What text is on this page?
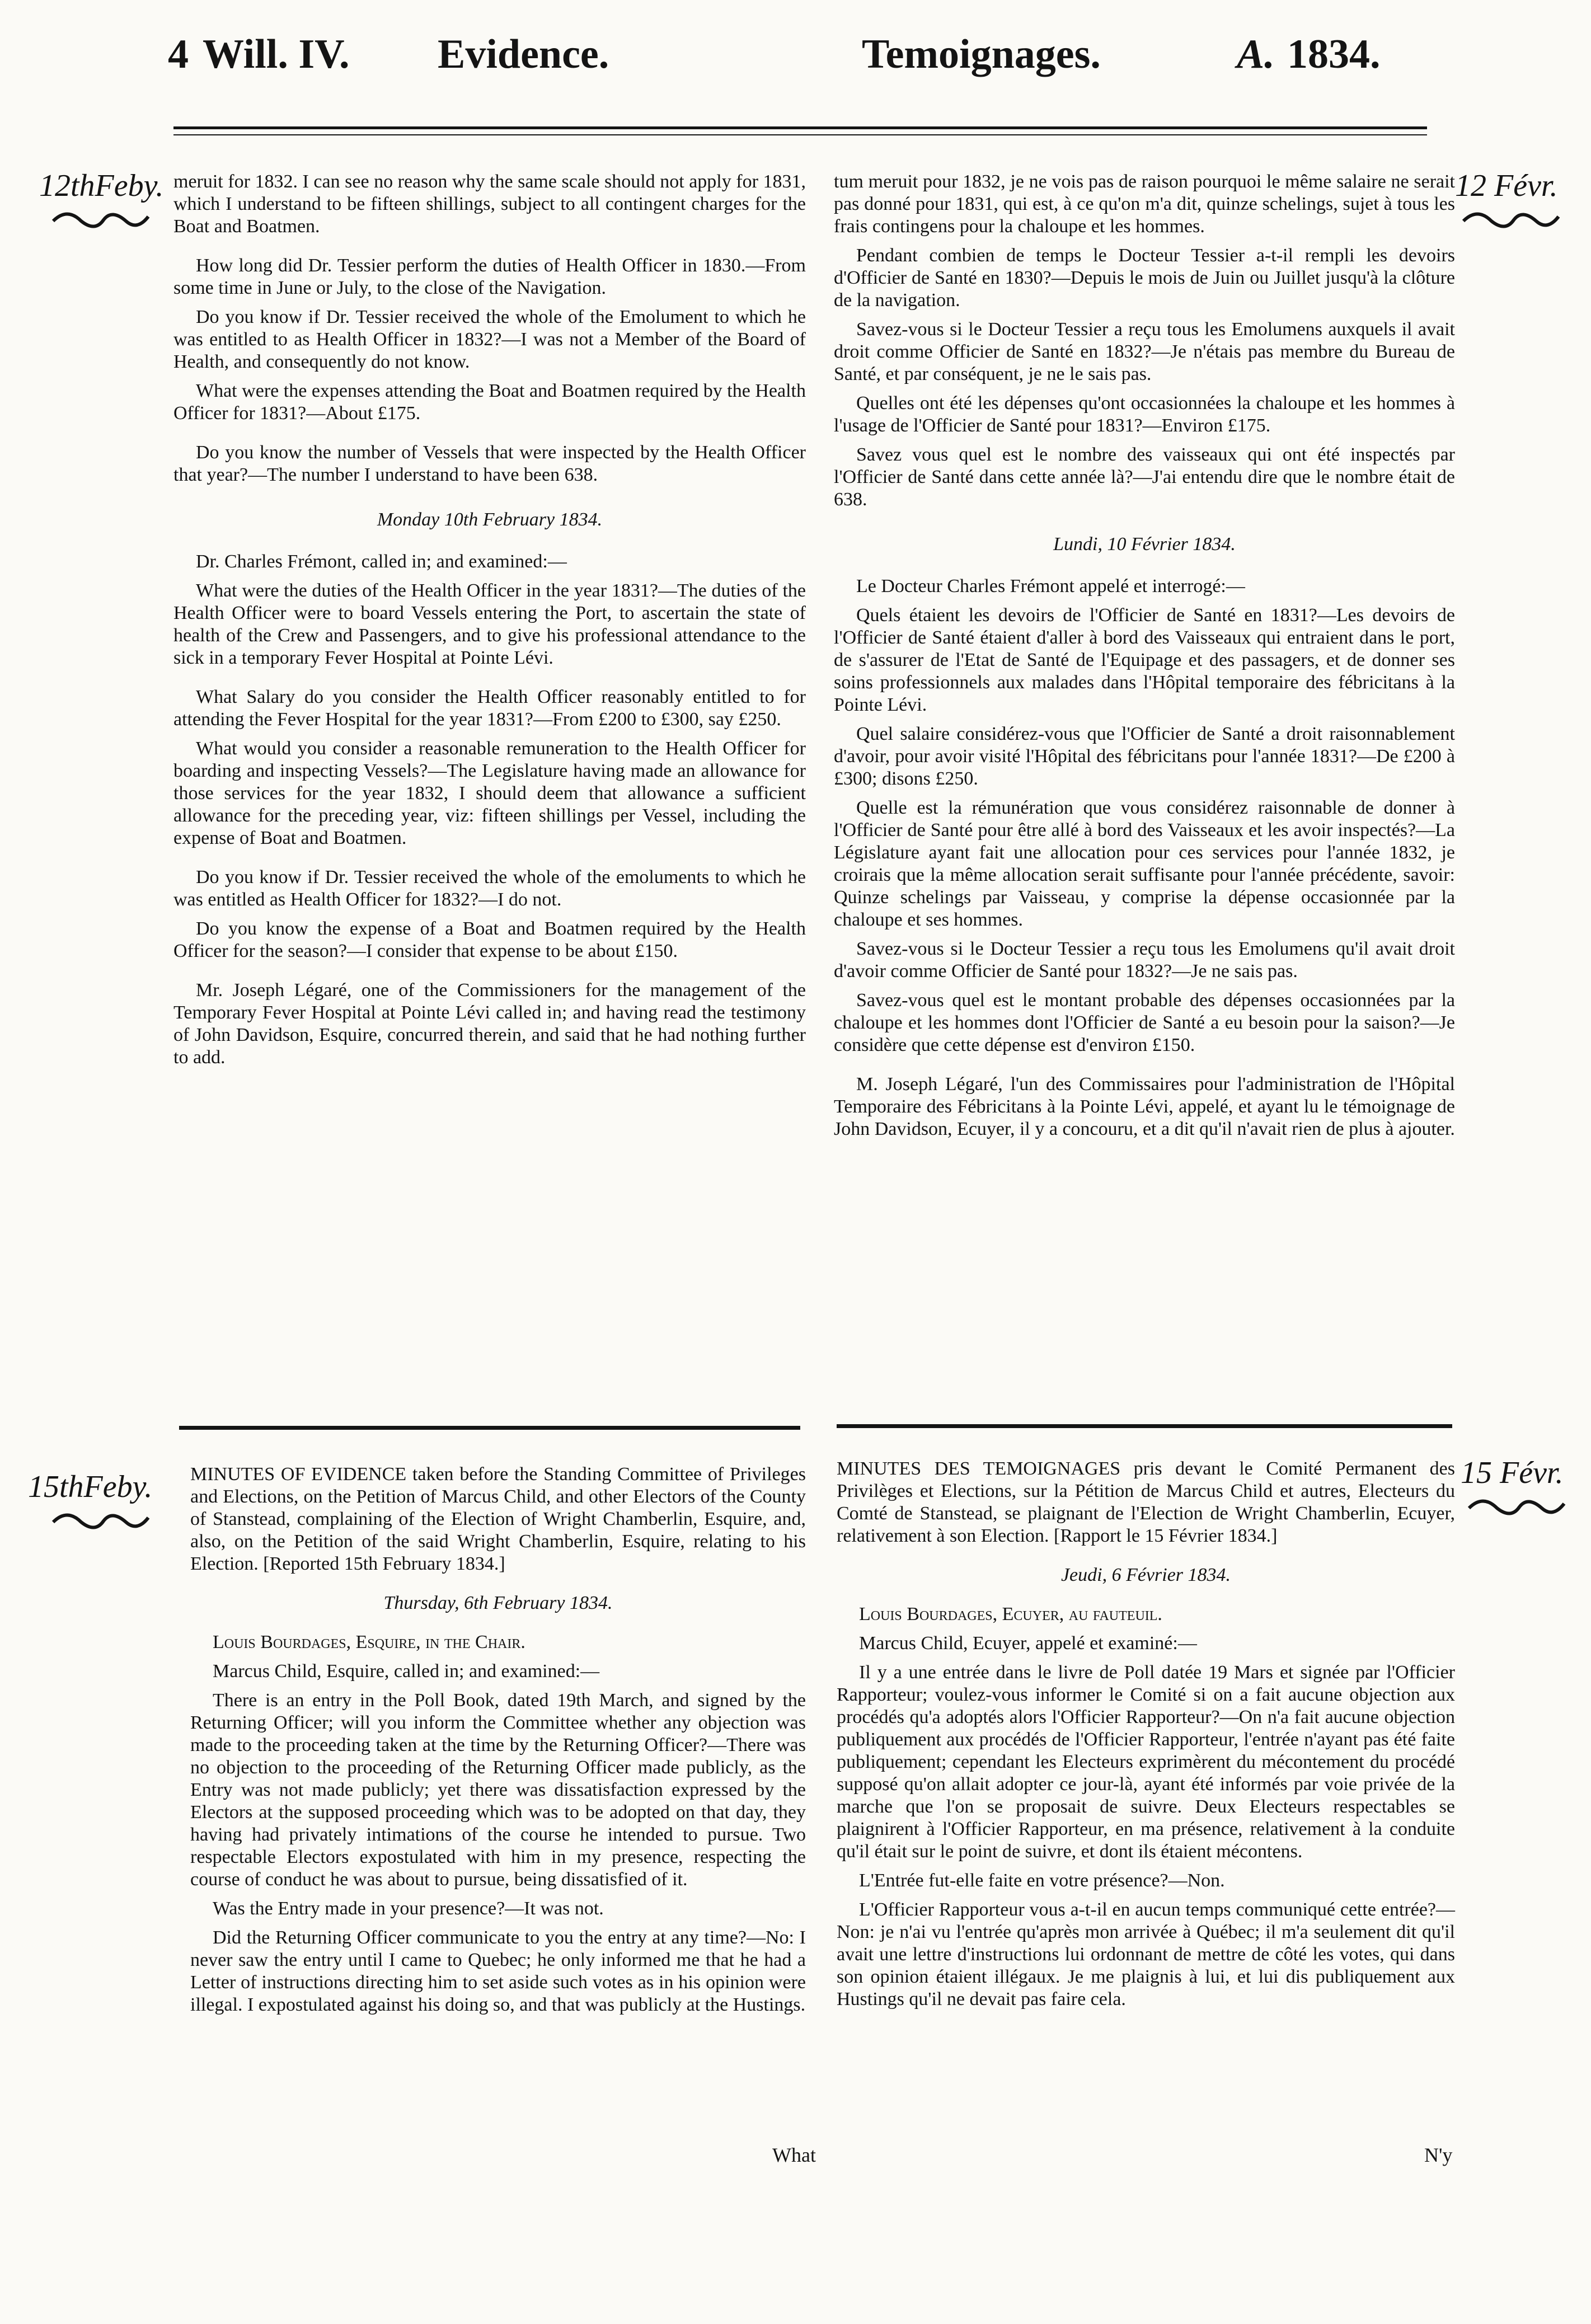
4 Will. IV. Evidence.	Temoignages.	A. 1834.
12thFeby.	12 Févr.
15thFeby.	15 Févr.

meruit for 1832. I can see no reason why the same scale should not apply for 1831, which I understand to be fifteen shillings, subject to all contingent charges for the Boat and Boatmen.

How long did Dr. Tessier perform the duties of Health Officer in 1830.—From some time in June or July, to the close of the Navigation.

Do you know if Dr. Tessier received the whole of the Emolument to which he was entitled to as Health Officer in 1832?—I was not a Member of the Board of Health, and consequently do not know.

What were the expenses attending the Boat and Boatmen required by the Health Officer for 1831?—About £175.

Do you know the number of Vessels that were inspected by the Health Officer that year?—The number I understand to have been 638.

Monday 10th February 1834.

Dr. Charles Frémont, called in; and examined:—

What were the duties of the Health Officer in the year 1831?—The duties of the Health Officer were to board Vessels entering the Port, to ascertain the state of health of the Crew and Passengers, and to give his professional attendance to the sick in a temporary Fever Hospital at Pointe Lévi.

What Salary do you consider the Health Officer reasonably entitled to for attending the Fever Hospital for the year 1831?—From £200 to £300, say £250.

What would you consider a reasonable remuneration to the Health Officer for boarding and inspecting Vessels?—The Legislature having made an allowance for those services for the year 1832, I should deem that allowance a sufficient allowance for the preceding year, viz: fifteen shillings per Vessel, including the expense of Boat and Boatmen.

Do you know if Dr. Tessier received the whole of the emoluments to which he was entitled as Health Officer for 1832?—I do not.

Do you know the expense of a Boat and Boatmen required by the Health Officer for the season?—I consider that expense to be about £150.

Mr. Joseph Légaré, one of the Commissioners for the management of the Temporary Fever Hospital at Pointe Lévi called in; and having read the testimony of John Davidson, Esquire, concurred therein, and said that he had nothing further to add.

tum meruit pour 1832, je ne vois pas de raison pourquoi le même salaire ne serait pas donné pour 1831, qui est, à ce qu'on m'a dit, quinze schelings, sujet à tous les frais contingens pour la chaloupe et les hommes.

Pendant combien de temps le Docteur Tessier a-t-il rempli les devoirs d'Officier de Santé en 1830?—Depuis le mois de Juin ou Juillet jusqu'à la clôture de la navigation.

Savez-vous si le Docteur Tessier a reçu tous les Emolumens auxquels il avait droit comme Officier de Santé en 1832?—Je n'étais pas membre du Bureau de Santé, et par conséquent, je ne le sais pas.

Quelles ont été les dépenses qu'ont occasionnées la chaloupe et les hommes à l'usage de l'Officier de Santé pour 1831?—Environ £175.

Savez vous quel est le nombre des vaisseaux qui ont été inspectés par l'Officier de Santé dans cette année là?—J'ai entendu dire que le nombre était de 638.

Lundi, 10 Février 1834.

Le Docteur Charles Frémont appelé et interrogé:—

Quels étaient les devoirs de l'Officier de Santé en 1831?—Les devoirs de l'Officier de Santé étaient d'aller à bord des Vaisseaux qui entraient dans le port, de s'assurer de l'Etat de Santé de l'Equipage et des passagers, et de donner ses soins professionnels aux malades dans l'Hôpital temporaire des fébricitans à la Pointe Lévi.

Quel salaire considérez-vous que l'Officier de Santé a droit raisonnablement d'avoir, pour avoir visité l'Hôpital des fébricitans pour l'année 1831?—De £200 à £300; disons £250.

Quelle est la rémunération que vous considérez raisonnable de donner à l'Officier de Santé pour être allé à bord des Vaisseaux et les avoir inspectés?—La Législature ayant fait une allocation pour ces services pour l'année 1832, je croirais que la même allocation serait suffisante pour l'année précédente, savoir: Quinze schelings par Vaisseau, y comprise la dépense occasionnée par la chaloupe et ses hommes.

Savez-vous si le Docteur Tessier a reçu tous les Emolumens qu'il avait droit d'avoir comme Officier de Santé pour 1832?—Je ne sais pas.

Savez-vous quel est le montant probable des dépenses occasionnées par la chaloupe et les hommes dont l'Officier de Santé a eu besoin pour la saison?—Je considère que cette dépense est d'environ £150.

M. Joseph Légaré, l'un des Commissaires pour l'administration de l'Hôpital Temporaire des Fébricitans à la Pointe Lévi, appelé, et ayant lu le témoignage de John Davidson, Ecuyer, il y a concouru, et a dit qu'il n'avait rien de plus à ajouter.

MINUTES OF EVIDENCE taken before the Standing Committee of Privileges and Elections, on the Petition of Marcus Child, and other Electors of the County of Stanstead, complaining of the Election of Wright Chamberlin, Esquire, and, also, on the Petition of the said Wright Chamberlin, Esquire, relating to his Election. [Reported 15th February 1834.]

Thursday, 6th February 1834.

Louis Bourdages, Esquire, in the Chair.

Marcus Child, Esquire, called in; and examined:—

There is an entry in the Poll Book, dated 19th March, and signed by the Returning Officer; will you inform the Committee whether any objection was made to the proceeding taken at the time by the Returning Officer?—There was no objection to the proceeding of the Returning Officer made publicly, as the Entry was not made publicly; yet there was dissatisfaction expressed by the Electors at the supposed proceeding which was to be adopted on that day, they having had privately intimations of the course he intended to pursue. Two respectable Electors expostulated with him in my presence, respecting the course of conduct he was about to pursue, being dissatisfied of it.

Was the Entry made in your presence?—It was not.

Did the Returning Officer communicate to you the entry at any time?—No: I never saw the entry until I came to Quebec; he only informed me that he had a Letter of instructions directing him to set aside such votes as in his opinion were illegal. I expostulated against his doing so, and that was publicly at the Hustings.

MINUTES DES TEMOIGNAGES pris devant le Comité Permanent des Privilèges et Elections, sur la Pétition de Marcus Child et autres, Electeurs du Comté de Stanstead, se plaignant de l'Election de Wright Chamberlin, Ecuyer, relativement à son Election. [Rapport le 15 Février 1834.]

Jeudi, 6 Février 1834.

Louis Bourdages, Ecuyer, au fauteuil.

Marcus Child, Ecuyer, appelé et examiné:—

Il y a une entrée dans le livre de Poll datée 19 Mars et signée par l'Officier Rapporteur; voulez-vous informer le Comité si on a fait aucune objection aux procédés qu'a adoptés alors l'Officier Rapporteur?—On n'a fait aucune objection publiquement aux procédés de l'Officier Rapporteur, l'entrée n'ayant pas été faite publiquement; cependant les Electeurs exprimèrent du mécontement du procédé supposé qu'on allait adopter ce jour-là, ayant été informés par voie privée de la marche que l'on se proposait de suivre. Deux Electeurs respectables se plaignirent à l'Officier Rapporteur, en ma présence, relativement à la conduite qu'il était sur le point de suivre, et dont ils étaient mécontens.

L'Entrée fut-elle faite en votre présence?—Non.

L'Officier Rapporteur vous a-t-il en aucun temps communiqué cette entrée?—Non: je n'ai vu l'entrée qu'après mon arrivée à Québec; il m'a seulement dit qu'il avait une lettre d'instructions lui ordonnant de mettre de côté les votes, qui dans son opinion étaient illégaux. Je me plaignis à lui, et lui dis publiquement aux Hustings qu'il ne devait pas faire cela.

What	N'y
